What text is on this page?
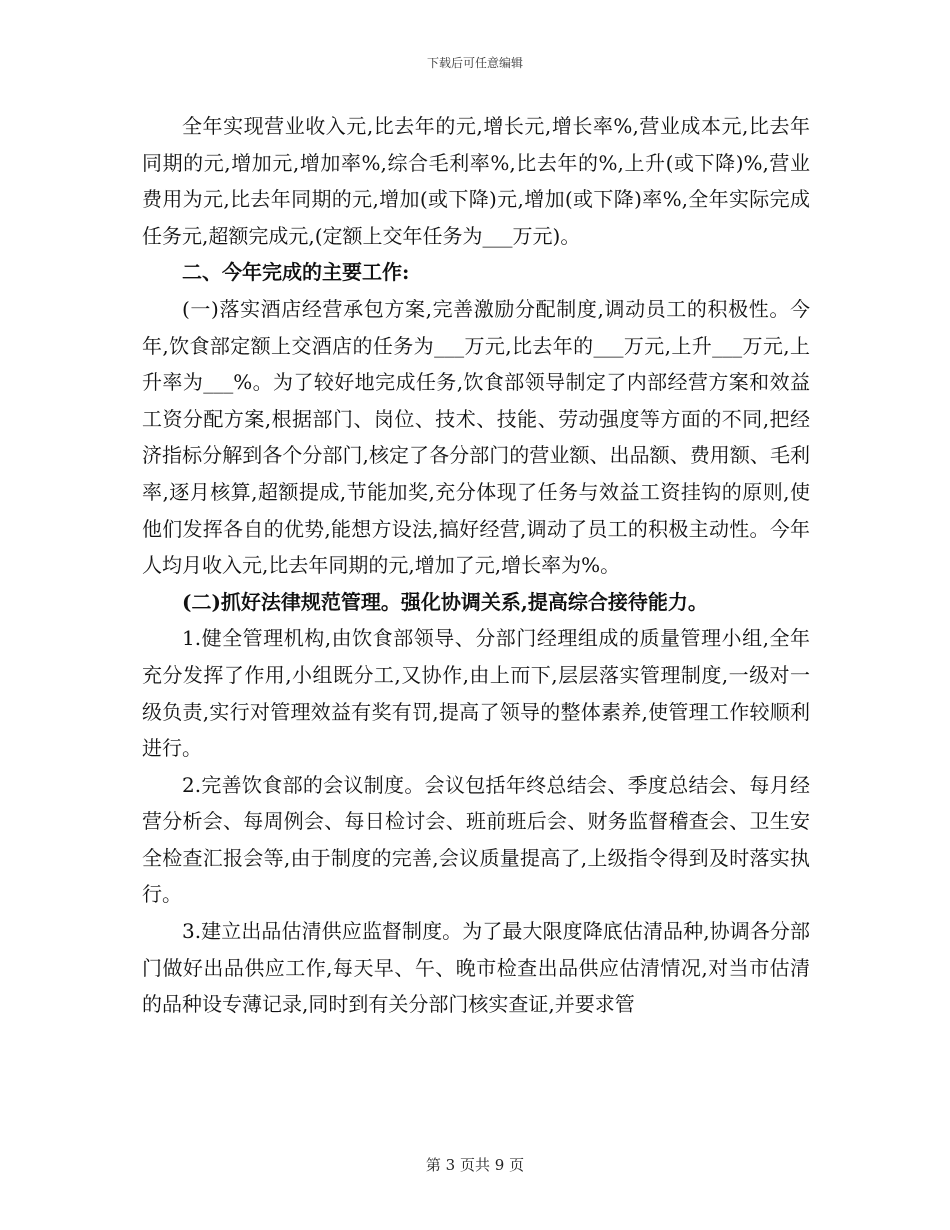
下载后可任意编辑

全年实现营业收入元,比去年的元,增长元,增长率%,营业成本元,比去年同期的元,增加元,增加率%,综合毛利率%,比去年的%,上升(或下降)%,营业费用为元,比去年同期的元,增加(或下降)元,增加(或下降)率%,全年实际完成任务元,超额完成元,(定额上交年任务为___万元)。

二、今年完成的主要工作:

(一)落实酒店经营承包方案,完善激励分配制度,调动员工的积极性。今年,饮食部定额上交酒店的任务为___万元,比去年的___万元,上升___万元,上升率为___%。为了较好地完成任务,饮食部领导制定了内部经营方案和效益工资分配方案,根据部门、岗位、技术、技能、劳动强度等方面的不同,把经济指标分解到各个分部门,核定了各分部门的营业额、出品额、费用额、毛利率,逐月核算,超额提成,节能加奖,充分体现了任务与效益工资挂钩的原则,使他们发挥各自的优势,能想方设法,搞好经营,调动了员工的积极主动性。今年人均月收入元,比去年同期的元,增加了元,增长率为%。

(二)抓好法律规范管理。强化协调关系,提高综合接待能力。

1.健全管理机构,由饮食部领导、分部门经理组成的质量管理小组,全年充分发挥了作用,小组既分工,又协作,由上而下,层层落实管理制度,一级对一级负责,实行对管理效益有奖有罚,提高了领导的整体素养,使管理工作较顺利进行。

2.完善饮食部的会议制度。会议包括年终总结会、季度总结会、每月经营分析会、每周例会、每日检讨会、班前班后会、财务监督稽查会、卫生安全检查汇报会等,由于制度的完善,会议质量提高了,上级指令得到及时落实执行。

3.建立出品估清供应监督制度。为了最大限度降底估清品种,协调各分部门做好出品供应工作,每天早、午、晚市检查出品供应估清情况,对当市估清的品种设专薄记录,同时到有关分部门核实查证,并要求管

第 3 页共 9 页
